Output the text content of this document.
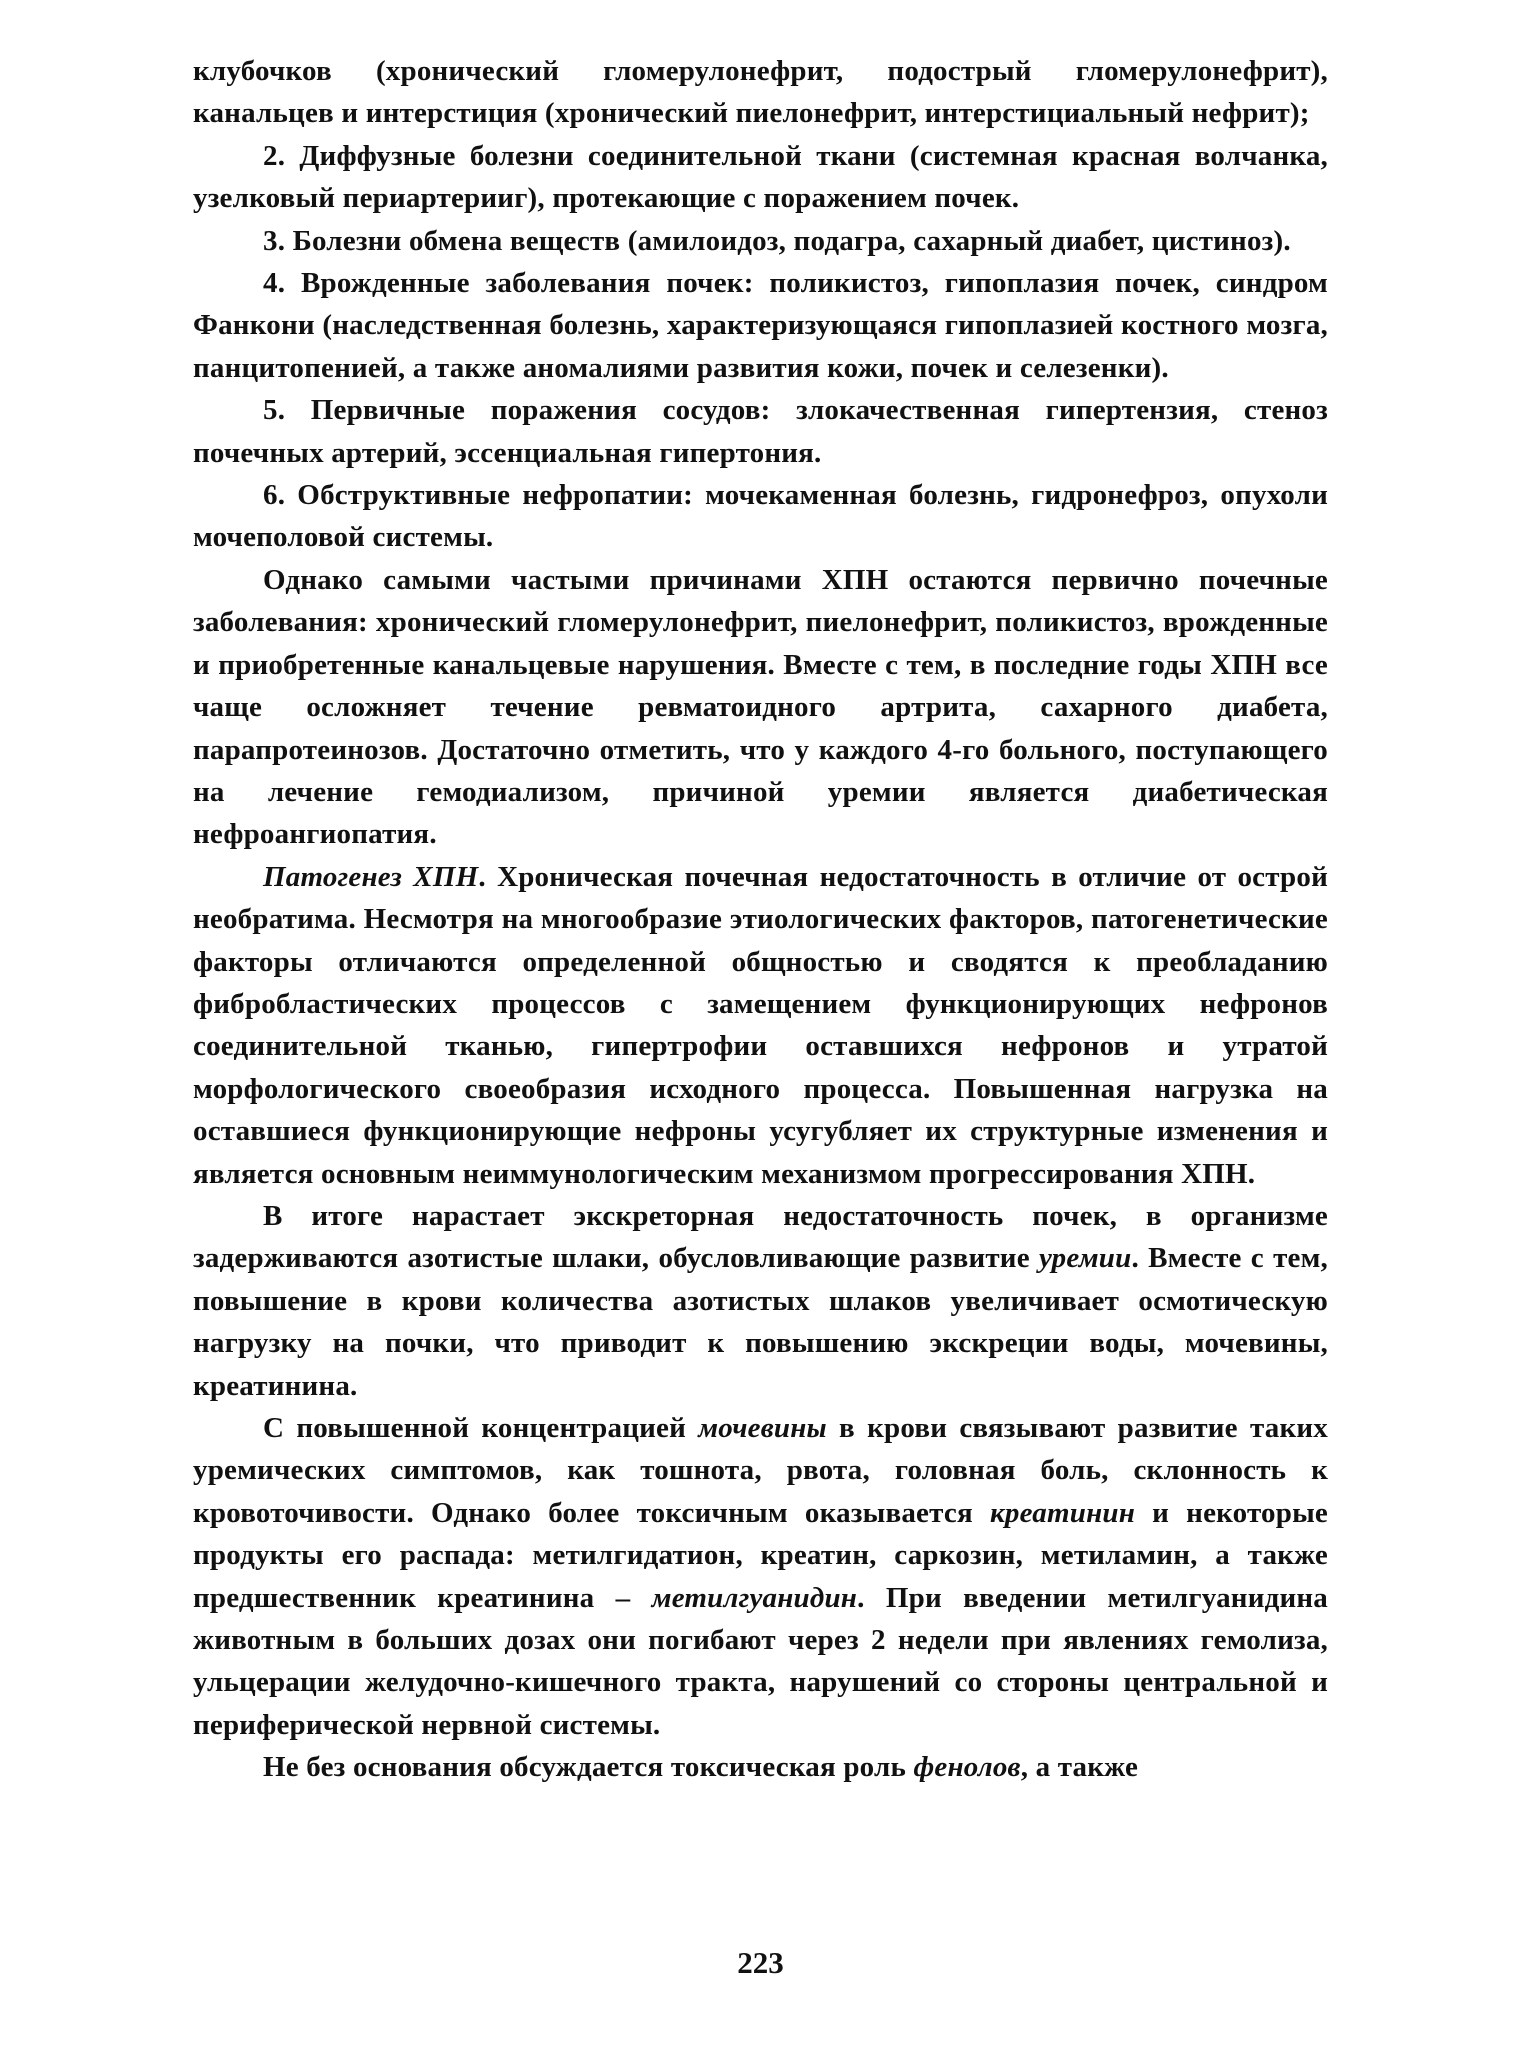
клубочков (хронический гломерулонефрит, подострый гломерулонефрит), канальцев и интерстиция (хронический пиелонефрит, интерстициальный нефрит);

2. Диффузные болезни соединительной ткани (системная красная волчанка, узелковый периартерииг), протекающие с поражением почек.

3. Болезни обмена веществ (амилоидоз, подагра, сахарный диабет, цистиноз).

4. Врожденные заболевания почек: поликистоз, гипоплазия почек, синдром Фанкони (наследственная болезнь, характеризующаяся гипоплазией костного мозга, панцитопенией, а также аномалиями развития кожи, почек и селезенки).

5. Первичные поражения сосудов: злокачественная гипертензия, стеноз почечных артерий, эссенциальная гипертония.

6. Обструктивные нефропатии: мочекаменная болезнь, гидронефроз, опухоли мочеполовой системы.

Однако самыми частыми причинами ХПН остаются первично почечные заболевания: хронический гломерулонефрит, пиелонефрит, поликистоз, врожденные и приобретенные канальцевые нарушения. Вместе с тем, в последние годы ХПН все чаще осложняет течение ревматоидного артрита, сахарного диабета, парапротеинозов. Достаточно отметить, что у каждого 4-го больного, поступающего на лечение гемодиализом, причиной уремии является диабетическая нефроангиопатия.

Патогенез ХПН. Хроническая почечная недостаточность в отличие от острой необратима. Несмотря на многообразие этиологических факторов, патогенетические факторы отличаются определенной общностью и сводятся к преобладанию фибробластических процессов с замещением функционирующих нефронов соединительной тканью, гипертрофии оставшихся нефронов и утратой морфологического своеобразия исходного процесса. Повышенная нагрузка на оставшиеся функционирующие нефроны усугубляет их структурные изменения и является основным неиммунологическим механизмом прогрессирования ХПН.

В итоге нарастает экскреторная недостаточность почек, в организме задерживаются азотистые шлаки, обусловливающие развитие уремии. Вместе с тем, повышение в крови количества азотистых шлаков увеличивает осмотическую нагрузку на почки, что приводит к повышению экскреции воды, мочевины, креатинина.

С повышенной концентрацией мочевины в крови связывают развитие таких уремических симптомов, как тошнота, рвота, головная боль, склонность к кровоточивости. Однако более токсичным оказывается креатинин и некоторые продукты его распада: метилгидатион, креатин, саркозин, метиламин, а также предшественник креатинина – метилгуанидин. При введении метилгуанидина животным в больших дозах они погибают через 2 недели при явлениях гемолиза, ульцерации желудочно-кишечного тракта, нарушений со стороны центральной и периферической нервной системы.

Не без основания обсуждается токсическая роль фенолов, а также

223
